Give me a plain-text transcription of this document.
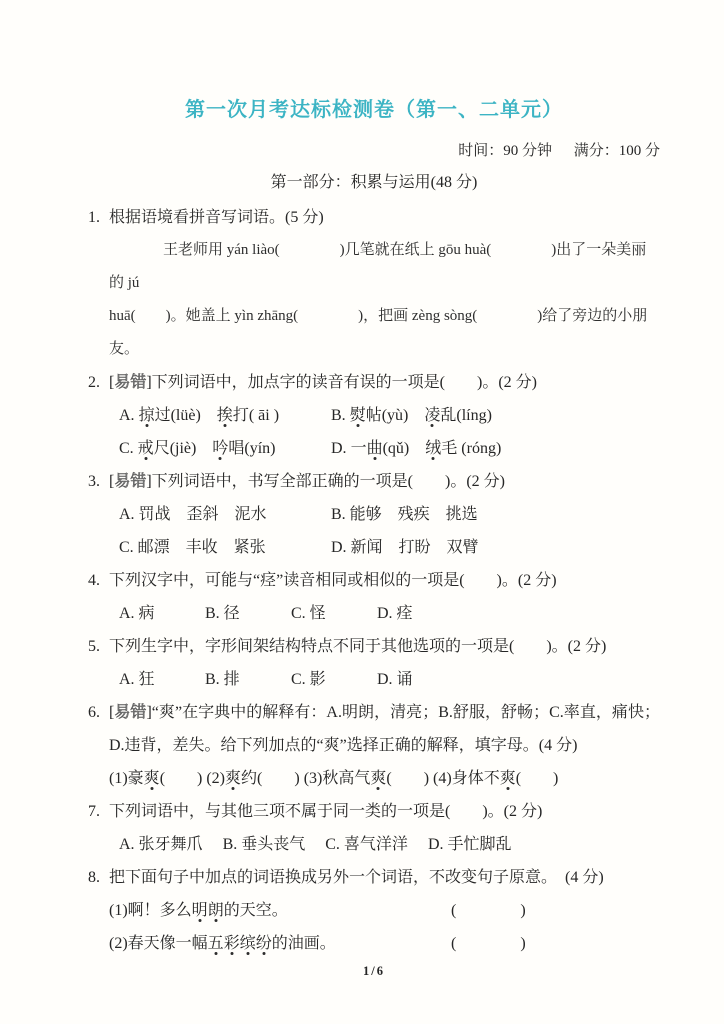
第一次月考达标检测卷（第一、二单元）
时间：90 分钟 满分：100 分
第一部分：积累与运用(48 分)
1. 根据语境看拼音写词语。(5 分)
王老师用 yán liào(　　　　)几笔就在纸上 gōu huà(　　　　)出了一朵美丽的 jú
huā(　　)。她盖上 yìn zhāng(　　　　)，把画 zèng sòng(　　　　)给了旁边的小朋
友。
2. [易错]下列词语中，加点字的读音有误的一项是(　　)。(2 分)
A. 掠过(lüè)　挨打( āi )	B. 熨帖(yù)　凌乱(líng)
C. 戒尺(jiè)　吟唱(yín)	D. 一曲(qǔ)　绒毛 (róng)
3. [易错]下列词语中，书写全部正确的一项是(　　)。(2 分)
A. 罚战　歪斜　泥水	B. 能够　残疾　挑选
C. 邮漂　丰收　紧张	D. 新闻　打盼　双臂
4. 下列汉字中，可能与“痉”读音相同或相似的一项是(　　)。(2 分)
A. 病	B. 径	C. 怪	D. 痊
5. 下列生字中，字形间架结构特点不同于其他选项的一项是(　　)。(2 分)
A. 狂	B. 排	C. 影	D. 诵
6. [易错]“爽”在字典中的解释有：A.明朗，清亮；B.舒服，舒畅；C.率直，痛快；D.违背，差失。给下列加点的“爽”选择正确的解释，填字母。(4 分)
(1)豪爽(　　) (2)爽约(　　) (3)秋高气爽(　　) (4)身体不爽(　　)
7. 下列词语中，与其他三项不属于同一类的一项是(　　)。(2 分)
A. 张牙舞爪 B. 垂头丧气 C. 喜气洋洋 D. 手忙脚乱
8. 把下面句子中加点的词语换成另外一个词语，不改变句子原意。　(4 分)
(1)啊！多么明朗的天空。	(　　　　)
(2)春天像一幅五彩缤纷的油画。	(　　　　)
1/6
